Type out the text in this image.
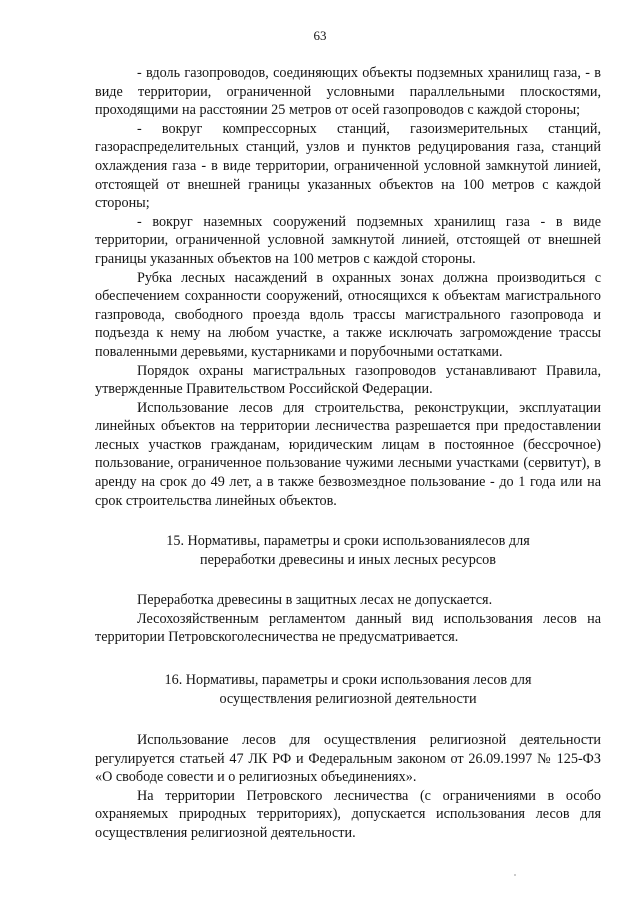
63

- вдоль газопроводов, соединяющих объекты подземных хранилищ газа, - в виде территории, ограниченной условными параллельными плоскостями, проходящими на расстоянии 25 метров от осей газопроводов с каждой стороны;

- вокруг компрессорных станций, газоизмерительных станций, газораспределительных станций, узлов и пунктов редуцирования газа, станций охлаждения газа - в виде территории, ограниченной условной замкнутой линией, отстоящей от внешней границы указанных объектов на 100 метров с каждой стороны;

- вокруг наземных сооружений подземных хранилищ газа - в виде территории, ограниченной условной замкнутой линией, отстоящей от внешней границы указанных объектов на 100 метров с каждой стороны.

Рубка лесных насаждений в охранных зонах должна производиться с обеспечением сохранности сооружений, относящихся к объектам магистрального газпровода, свободного проезда вдоль трассы магистрального газопровода и подъезда к нему на любом участке, а также исключать загромождение трассы поваленными деревьями, кустарниками и порубочными остатками.

Порядок охраны магистральных газопроводов устанавливают Правила, утвержденные Правительством Российской Федерации.

Использование лесов для строительства, реконструкции, эксплуатации линейных объектов на территории лесничества разрешается при предоставлении лесных участков гражданам, юридическим лицам в постоянное (бессрочное) пользование, ограниченное пользование чужими лесными участками (сервитут), в аренду на срок до 49 лет, а в также безвозмездное пользование - до 1 года или на срок строительства линейных объектов.

15. Нормативы, параметры и сроки использованиялесов для

переработки древесины и иных лесных ресурсов

Переработка древесины в защитных лесах не допускается.

Лесохозяйственным регламентом данный вид использования лесов на территории Петровскоголесничества не предусматривается.

16. Нормативы, параметры и сроки использования лесов для

осуществления религиозной деятельности

Использование лесов для осуществления религиозной деятельности регулируется статьей 47 ЛК РФ и Федеральным законом от 26.09.1997 № 125-ФЗ «О свободе совести и о религиозных объединениях».

На территории Петровского лесничества (с ограничениями в особо охраняемых природных территориях), допускается использования лесов для осуществления религиозной деятельности.
